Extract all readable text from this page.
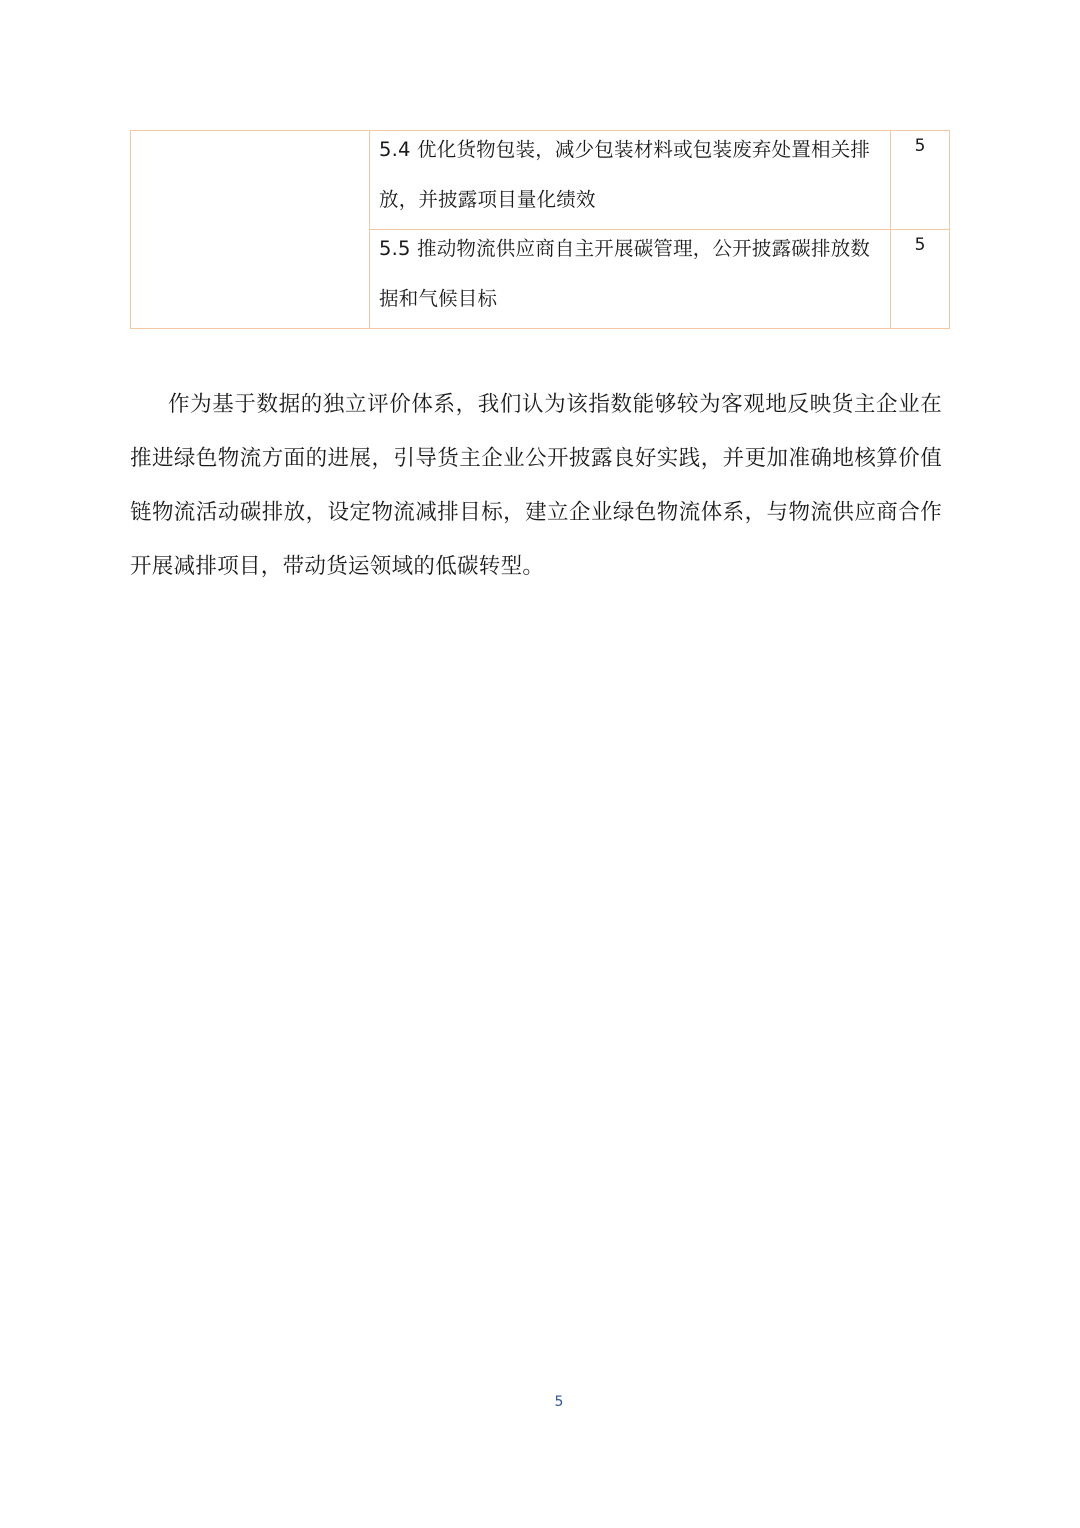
	5.4 优化货物包装，减少包装材料或包装废弃处置相关排放，并披露项目量化绩效	5

	5.5 推动物流供应商自主开展碳管理，公开披露碳排放数据和气候目标	5

作为基于数据的独立评价体系，我们认为该指数能够较为客观地反映货主企业在推进绿色物流方面的进展，引导货主企业公开披露良好实践，并更加准确地核算价值链物流活动碳排放，设定物流减排目标，建立企业绿色物流体系，与物流供应商合作开展减排项目，带动货运领域的低碳转型。

5
